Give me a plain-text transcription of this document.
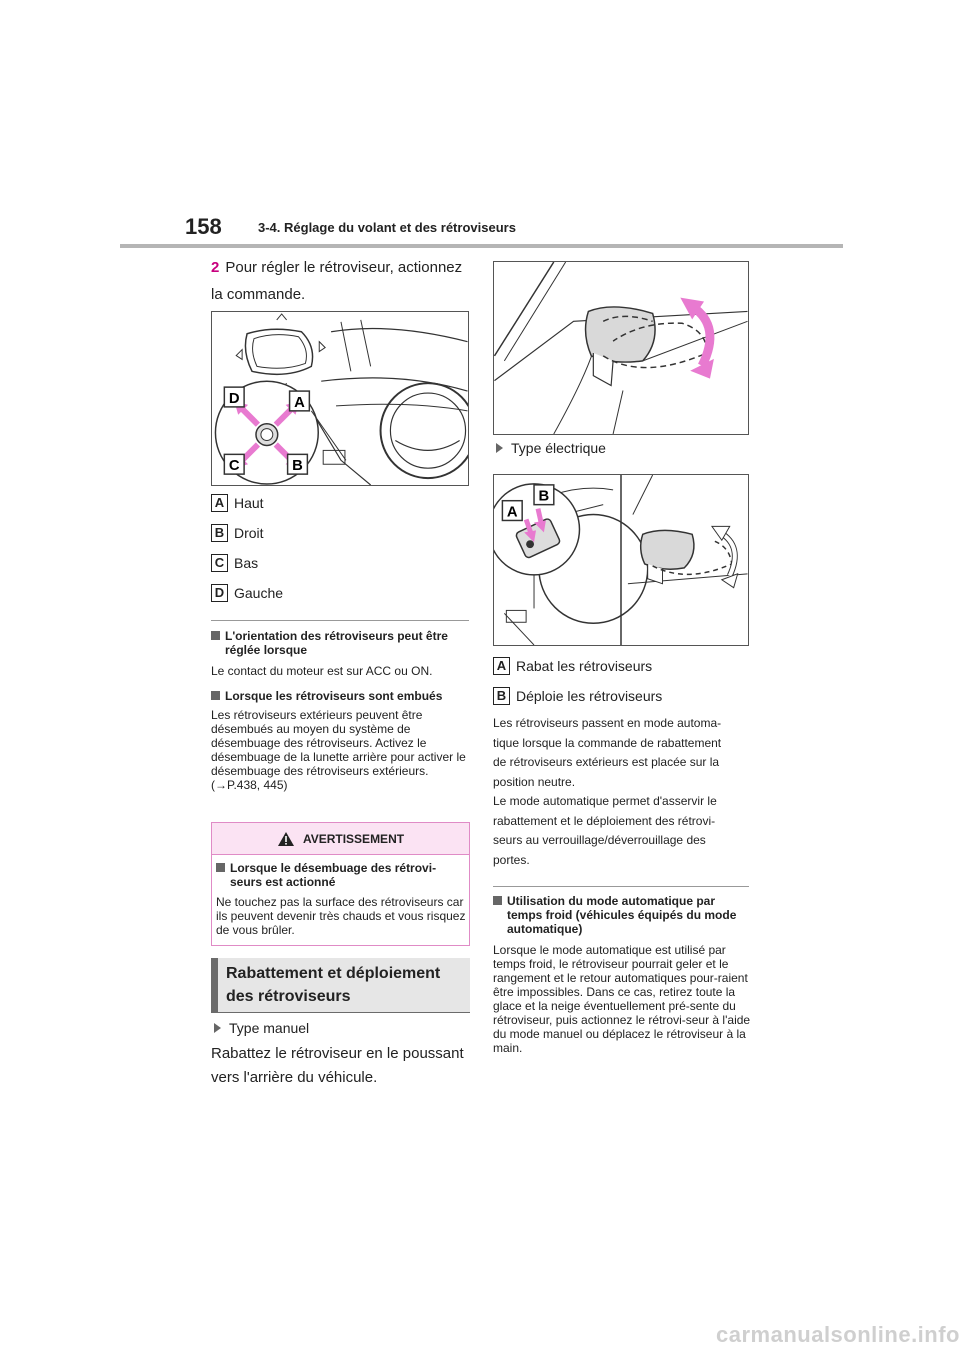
158	3-4. Réglage du volant et des rétroviseurs
2 Pour régler le rétroviseur, actionnez la commande.
D	A
C	B
A Haut
B Droit
C Bas
D Gauche
L'orientation des rétroviseurs peut être réglée lorsque
Le contact du moteur est sur ACC ou ON.
Lorsque les rétroviseurs sont embués
Les rétroviseurs extérieurs peuvent être désembués au moyen du système de désembuage des rétroviseurs. Activez le désembuage de la lunette arrière pour activer le désembuage des rétroviseurs extérieurs.
(→P.438, 445)
AVERTISSEMENT
Lorsque le désembuage des rétrovi-seurs est actionné
Ne touchez pas la surface des rétroviseurs car ils peuvent devenir très chauds et vous risquez de vous brûler.
Rabattement et déploiement des rétroviseurs
Type manuel
Rabattez le rétroviseur en le poussant vers l'arrière du véhicule.
Type électrique
A
B
A Rabat les rétroviseurs
B Déploie les rétroviseurs
Les rétroviseurs passent en mode automa-
tique lorsque la commande de rabattement
de rétroviseurs extérieurs est placée sur la
position neutre.
Le mode automatique permet d'asservir le
rabattement et le déploiement des rétrovi-
seurs au verrouillage/déverrouillage des
portes.
Utilisation du mode automatique par temps froid (véhicules équipés du mode automatique)
Lorsque le mode automatique est utilisé par temps froid, le rétroviseur pourrait geler et le rangement et le retour automatiques pour-raient être impossibles. Dans ce cas, retirez toute la glace et la neige éventuellement pré-sente du rétroviseur, puis actionnez le rétrovi-seur à l'aide du mode manuel ou déplacez le rétroviseur à la main.
carmanualsonline.info
